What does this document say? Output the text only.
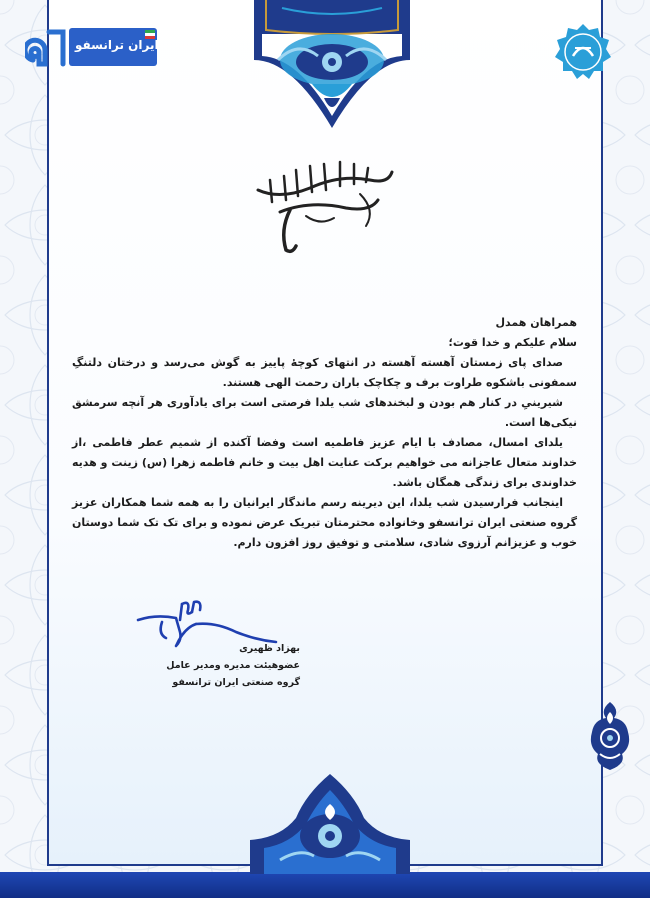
ایران ترانسفو

همراهان همدل

سلام علیکم و خدا قوت؛

صدای پای زمستان آهسته آهسته در انتهای کوچهٔ پاییز به گوش می‌رسد و درختان دلتنگِ سمفونی باشکوه طراوت برف و چکاچک باران رحمت الهی هستند.

شیرینیِ در کنار هم بودن و لبخندهای شب یلدا فرصتی است برای یادآوری هر آنچه سرمشق نیکی‌ها است.

یلدای امسال، مصادف با ایام عزیز فاطمیه است وفضا آکنده از شمیم عطر فاطمی ،از خداوند متعال عاجزانه می خواهیم برکت عنایت اهل بیت و خانم فاطمه زهرا (س) زینت و هدیه خداوندی برای زندگی همگان باشد.

اینجانب فرارسیدن شب یلدا، این دیرینه رسم ماندگار ایرانیان را به همه شما همکاران عزیز گروه صنعتی ایران ترانسفو وخانواده محترمتان تبریک عرض نموده و برای تک تک شما دوستان خوب و عزیزانم آرزوی شادی، سلامتی و توفیق روز افزون دارم.

بهزاد ظهیری
عضوهیئت مدیره ومدیر عامل
گروه صنعتی ایران ترانسفو
